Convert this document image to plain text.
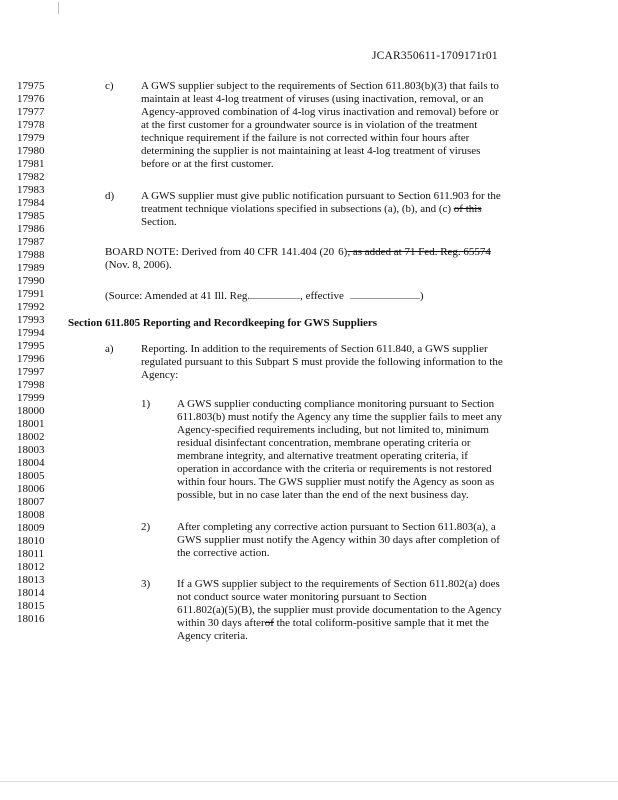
JCAR350611-1709171r01
17975
17976
17977
17978
17979
17980
17981
17982
17983
17984
17985
17986
17987
17988
17989
17990
17991
17992
17993
17994
17995
17996
17997
17998
17999
18000
18001
18002
18003
18004
18005
18006
18007
18008
18009
18010
18011
18012
18013
18014
18015
18016
c) A GWS supplier subject to the requirements of Section 611.803(b)(3) that fails to
maintain at least 4-log treatment of viruses (using inactivation, removal, or an
Agency-approved combination of 4-log virus inactivation and removal) before or
at the first customer for a groundwater source is in violation of the treatment
technique requirement if the failure is not corrected within four hours after
determining the supplier is not maintaining at least 4-log treatment of viruses
before or at the first customer.
d) A GWS supplier must give public notification pursuant to Section 611.903 for the
treatment technique violations specified in subsections (a), (b), and (c) of this
Section.
BOARD NOTE: Derived from 40 CFR 141.404 (20 6), as added at 71 Fed. Reg. 65574
(Nov. 8, 2006).
(Source: Amended at 41 Ill. Reg.	, effective	)
Section 611.805 Reporting and Recordkeeping for GWS Suppliers
a) Reporting. In addition to the requirements of Section 611.840, a GWS supplier
regulated pursuant to this Subpart S must provide the following information to the
Agency:
1) A GWS supplier conducting compliance monitoring pursuant to Section
611.803(b) must notify the Agency any time the supplier fails to meet any
Agency-specified requirements including, but not limited to, minimum
residual disinfectant concentration, membrane operating criteria or
membrane integrity, and alternative treatment operating criteria, if
operation in accordance with the criteria or requirements is not restored
within four hours. The GWS supplier must notify the Agency as soon as
possible, but in no case later than the end of the next business day.
2) After completing any corrective action pursuant to Section 611.803(a), a
GWS supplier must notify the Agency within 30 days after completion of
the corrective action.
3) If a GWS supplier subject to the requirements of Section 611.802(a) does
not conduct source water monitoring pursuant to Section
611.802(a)(5)(B), the supplier must provide documentation to the Agency
within 30 days afterof the total coliform-positive sample that it met the
Agency criteria.
